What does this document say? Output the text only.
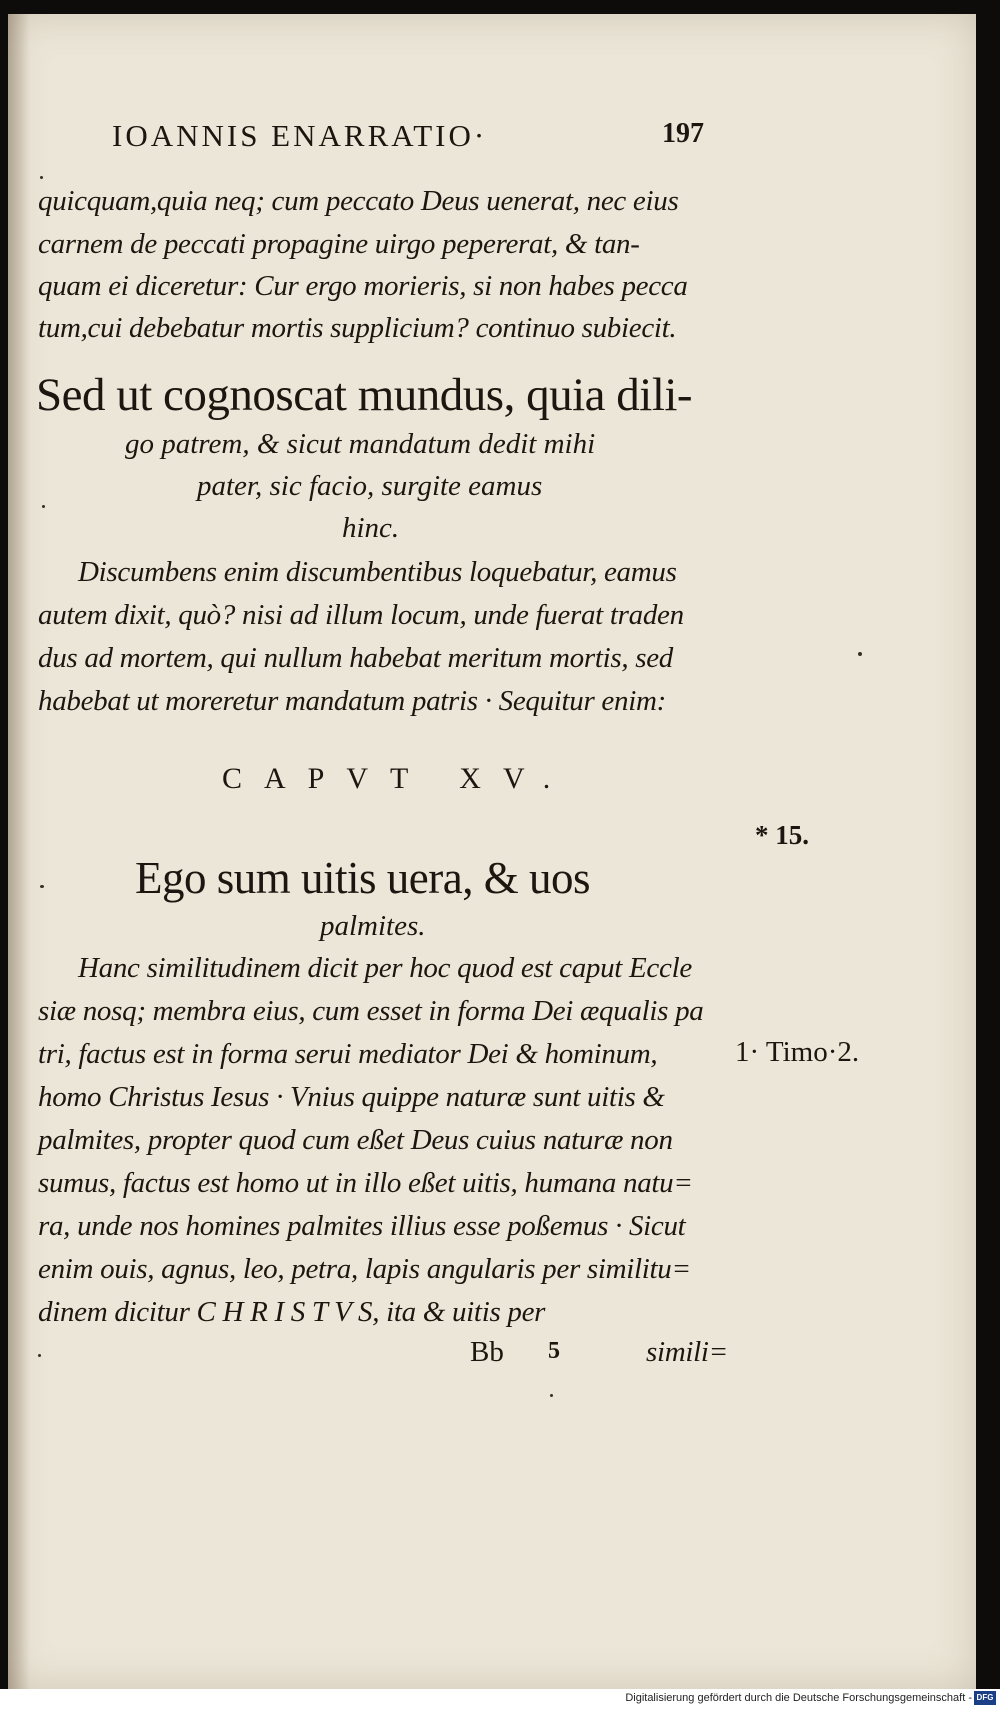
IOANNIS ENARRATIO·	197
quicquam,quia neq; cum peccato Deus uenerat, nec eius
carnem de peccati propagine uirgo pepererat, & tan-
quam ei diceretur: Cur ergo morieris, si non habes pecca
tum,cui debebatur mortis supplicium? continuo subiecit.
Sed ut cognoscat mundus, quia dili-
go patrem, & sicut mandatum dedit mihi
pater, sic facio, surgite eamus
hinc.
Discumbens enim discumbentibus loquebatur, eamus
autem dixit, quò? nisi ad illum locum, unde fuerat traden
dus ad mortem, qui nullum habebat meritum mortis, sed
habebat ut moreretur mandatum patris · Sequitur enim:
CAPVT XV.
* 15.
1· Timo·2.
Ego sum uitis uera, & uos
palmites.
Hanc similitudinem dicit per hoc quod est caput Eccle
siæ nosq; membra eius, cum esset in forma Dei æqualis pa
tri, factus est in forma serui mediator Dei & hominum,
homo Christus Iesus · Vnius quippe naturæ sunt uitis &
palmites, propter quod cum eßet Deus cuius naturæ non
sumus, factus est homo ut in illo eßet uitis, humana natu=
ra, unde nos homines palmites illius esse poßemus · Sicut
enim ouis, agnus, leo, petra, lapis angularis per similitu=
dinem dicitur C H R I S T V S, ita & uitis per
Bb 5	simili=
Digitalisierung gefördert durch die Deutsche Forschungsgemeinschaft - DFG
